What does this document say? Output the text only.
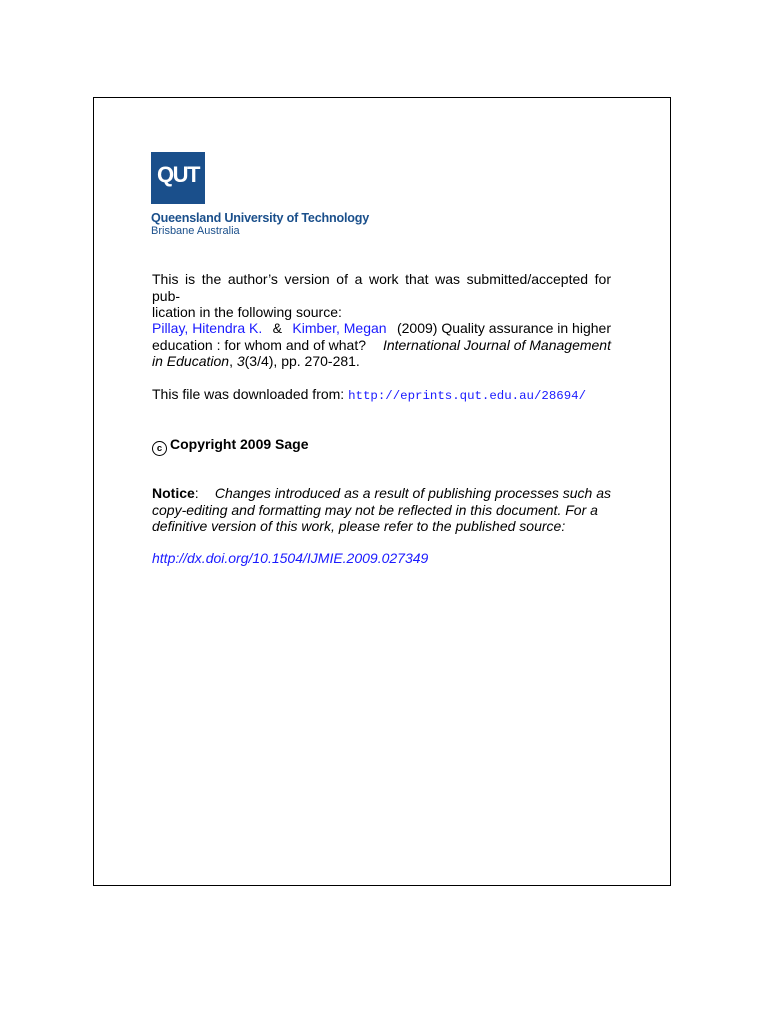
QUT
Queensland University of Technology
Brisbane Australia
This is the author’s version of a work that was submitted/accepted for pub-
lication in the following source:
Pillay, Hitendra K. & Kimber, Megan (2009) Quality assurance in higher
education : for whom and of what? International Journal of Management
in Education, 3(3/4), pp. 270-281.
This file was downloaded from: http://eprints.qut.edu.au/28694/
c Copyright 2009 Sage
Notice: Changes introduced as a result of publishing processes such as
copy-editing and formatting may not be reflected in this document. For a
definitive version of this work, please refer to the published source:
http://dx.doi.org/10.1504/IJMIE.2009.027349
